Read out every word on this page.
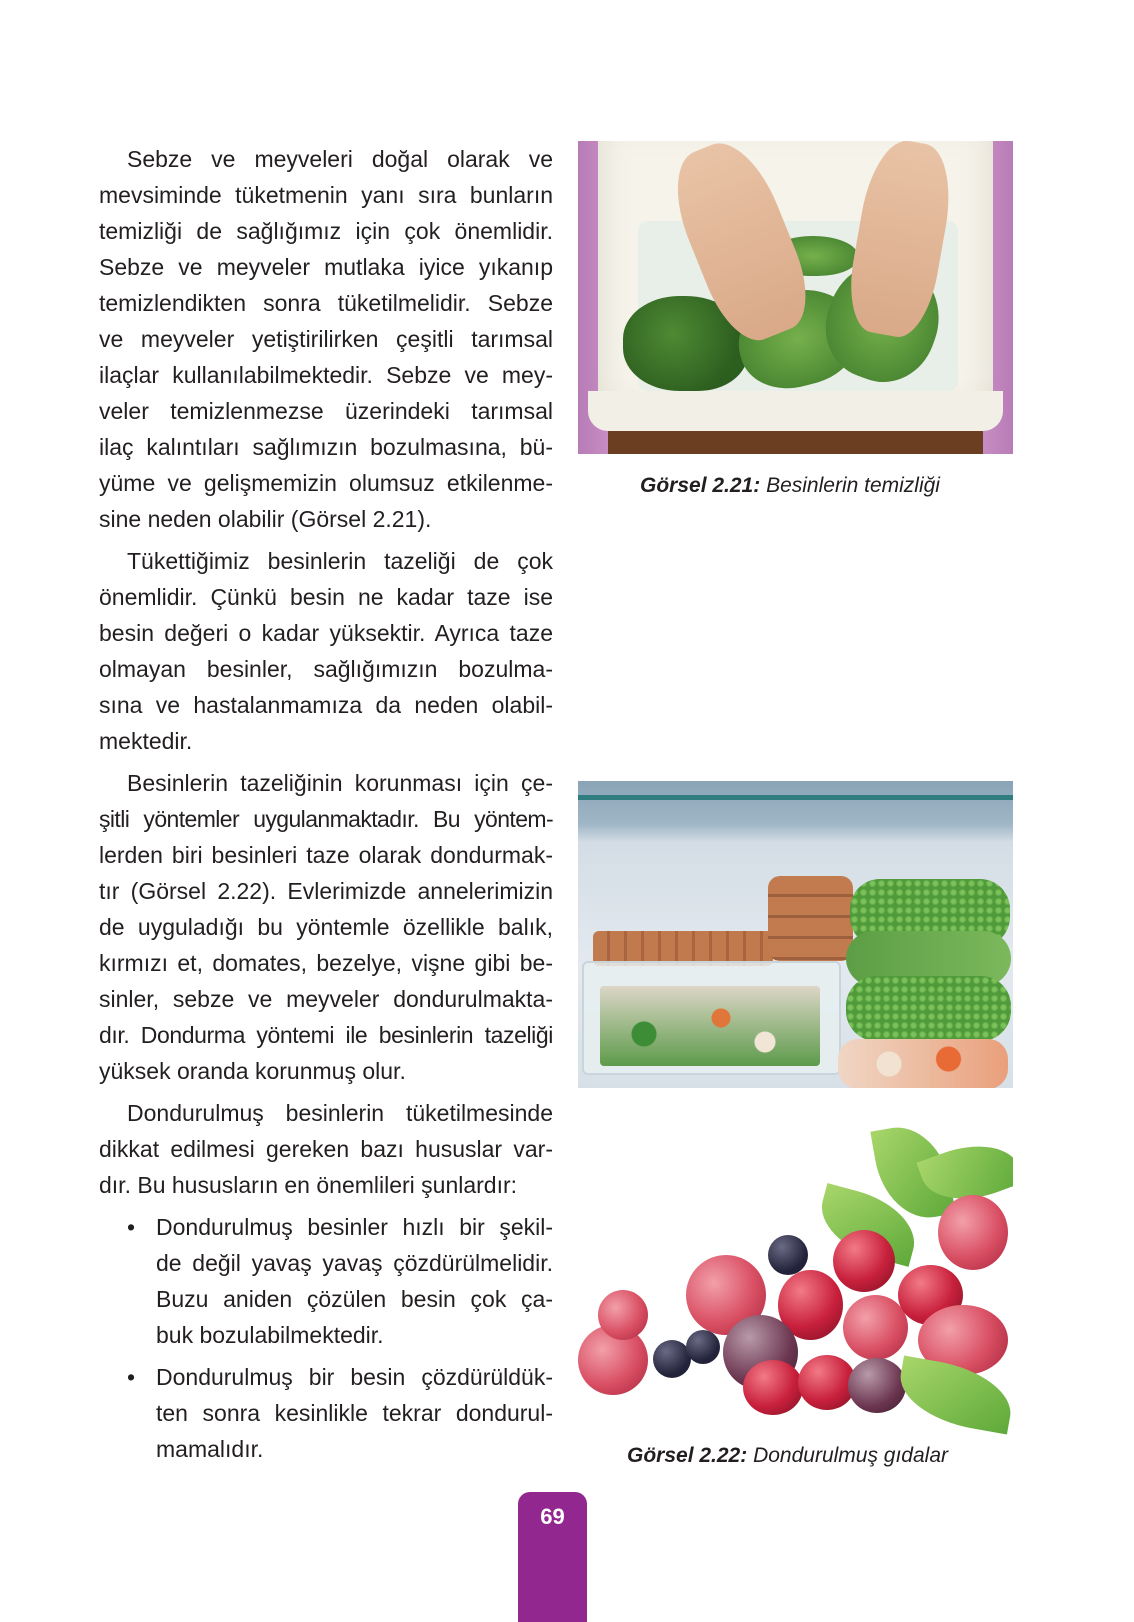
Sebze ve meyveleri doğal olarak ve
mevsiminde tüketmenin yanı sıra bunların
temizliği de sağlığımız için çok önemlidir.
Sebze ve meyveler mutlaka iyice yıkanıp
temizlendikten sonra tüketilmelidir. Sebze
ve meyveler yetiştirilirken çeşitli tarımsal
ilaçlar kullanılabilmektedir. Sebze ve mey-
veler temizlenmezse üzerindeki tarımsal
ilaç kalıntıları sağlımızın bozulmasına, bü-
yüme ve gelişmemizin olumsuz etkilenme-
sine neden olabilir (Görsel 2.21).

Tükettiğimiz besinlerin tazeliği de çok
önemlidir. Çünkü besin ne kadar taze ise
besin değeri o kadar yüksektir. Ayrıca taze
olmayan besinler, sağlığımızın bozulma-
sına ve hastalanmamıza da neden olabil-
mektedir.

Besinlerin tazeliğinin korunması için çe-
şitli yöntemler uygulanmaktadır. Bu yöntem-
lerden biri besinleri taze olarak dondurmak-
tır (Görsel 2.22). Evlerimizde annelerimizin
de uyguladığı bu yöntemle özellikle balık,
kırmızı et, domates, bezelye, vişne gibi be-
sinler, sebze ve meyveler dondurulmakta-
dır. Dondurma yöntemi ile besinlerin tazeliği
yüksek oranda korunmuş olur.

Dondurulmuş besinlerin tüketilmesinde
dikkat edilmesi gereken bazı hususlar var-
dır. Bu hususların en önemlileri şunlardır:

• Dondurulmuş besinler hızlı bir şekil-
de değil yavaş yavaş çözdürülmelidir.
Buzu aniden çözülen besin çok ça-
buk bozulabilmektedir.
• Dondurulmuş bir besin çözdürüldük-
ten sonra kesinlikle tekrar dondurul-
mamalıdır.
Görsel 2.21: Besinlerin temizliği
Görsel 2.22: Dondurulmuş gıdalar
69
